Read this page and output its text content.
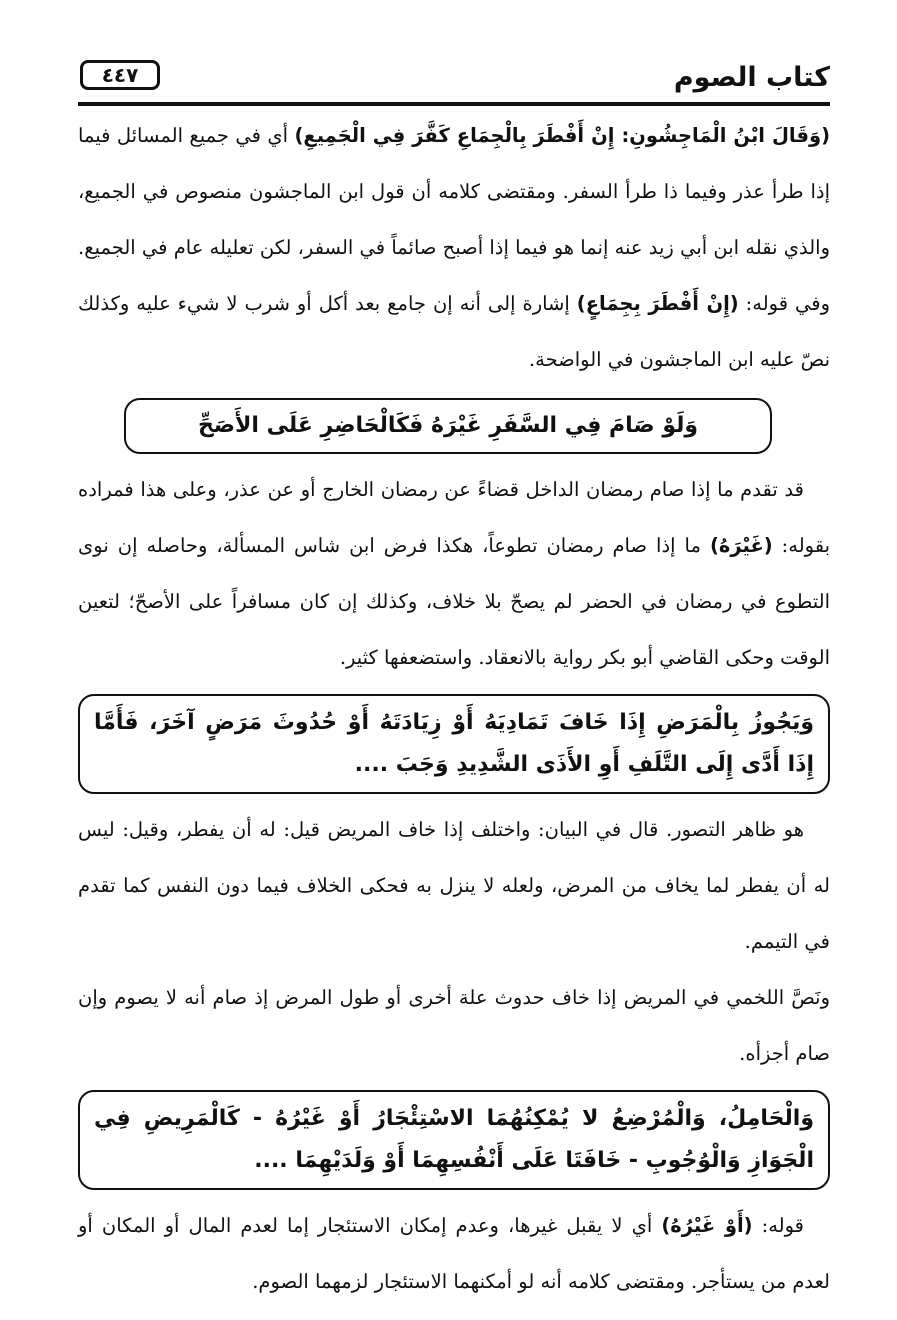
كتاب الصوم
٤٤٧

(وَقَالَ ابْنُ الْمَاجِشُونِ: إِنْ أَفْطَرَ بِالْجِمَاعِ كَفَّرَ فِي الْجَمِيعِ) أي في جميع المسائل فيما إذا طرأ عذر وفيما ذا طرأ السفر. ومقتضى كلامه أن قول ابن الماجشون منصوص في الجميع، والذي نقله ابن أبي زيد عنه إنما هو فيما إذا أصبح صائماً في السفر، لكن تعليله عام في الجميع. وفي قوله: (إِنْ أَفْطَرَ بِجِمَاعٍ) إشارة إلى أنه إن جامع بعد أكل أو شرب لا شيء عليه وكذلك نصّ عليه ابن الماجشون في الواضحة.

وَلَوْ صَامَ فِي السَّفَرِ غَيْرَهُ فَكَالْحَاضِرِ عَلَى الأَصَحِّ

قد تقدم ما إذا صام رمضان الداخل قضاءً عن رمضان الخارج أو عن عذر، وعلى هذا فمراده بقوله: (غَيْرَهُ) ما إذا صام رمضان تطوعاً، هكذا فرض ابن شاس المسألة، وحاصله إن نوى التطوع في رمضان في الحضر لم يصحّ بلا خلاف، وكذلك إن كان مسافراً على الأصحّ؛ لتعين الوقت وحكى القاضي أبو بكر رواية بالانعقاد. واستضعفها كثير.

وَيَجُوزُ بِالْمَرَضِ إِذَا خَافَ تَمَادِيَهُ أَوْ زِيَادَتَهُ أَوْ حُدُوثَ مَرَضٍ آخَرَ، فَأَمَّا إِذَا أَدَّى إِلَى التَّلَفِ أَوِ الأَذَى الشَّدِيدِ وَجَبَ ....

هو ظاهر التصور. قال في البيان: واختلف إذا خاف المريض قيل: له أن يفطر، وقيل: ليس له أن يفطر لما يخاف من المرض، ولعله لا ينزل به فحكى الخلاف فيما دون النفس كما تقدم في التيمم.

ونَصَّ اللخمي في المريض إذا خاف حدوث علة أخرى أو طول المرض إذ صام أنه لا يصوم وإن صام أجزأه.

وَالْحَامِلُ، وَالْمُرْضِعُ لا يُمْكِنُهُمَا الاسْتِئْجَارُ أَوْ غَيْرُهُ - كَالْمَرِيضِ فِي الْجَوَازِ وَالْوُجُوبِ - خَافَتَا عَلَى أَنْفُسِهِمَا أَوْ وَلَدَيْهِمَا ....

قوله: (أَوْ غَيْرُهُ) أي لا يقبل غيرها، وعدم إمكان الاستئجار إما لعدم المال أو المكان أو لعدم من يستأجر. ومقتضى كلامه أنه لو أمكنهما الاستئجار لزمهما الصوم.
